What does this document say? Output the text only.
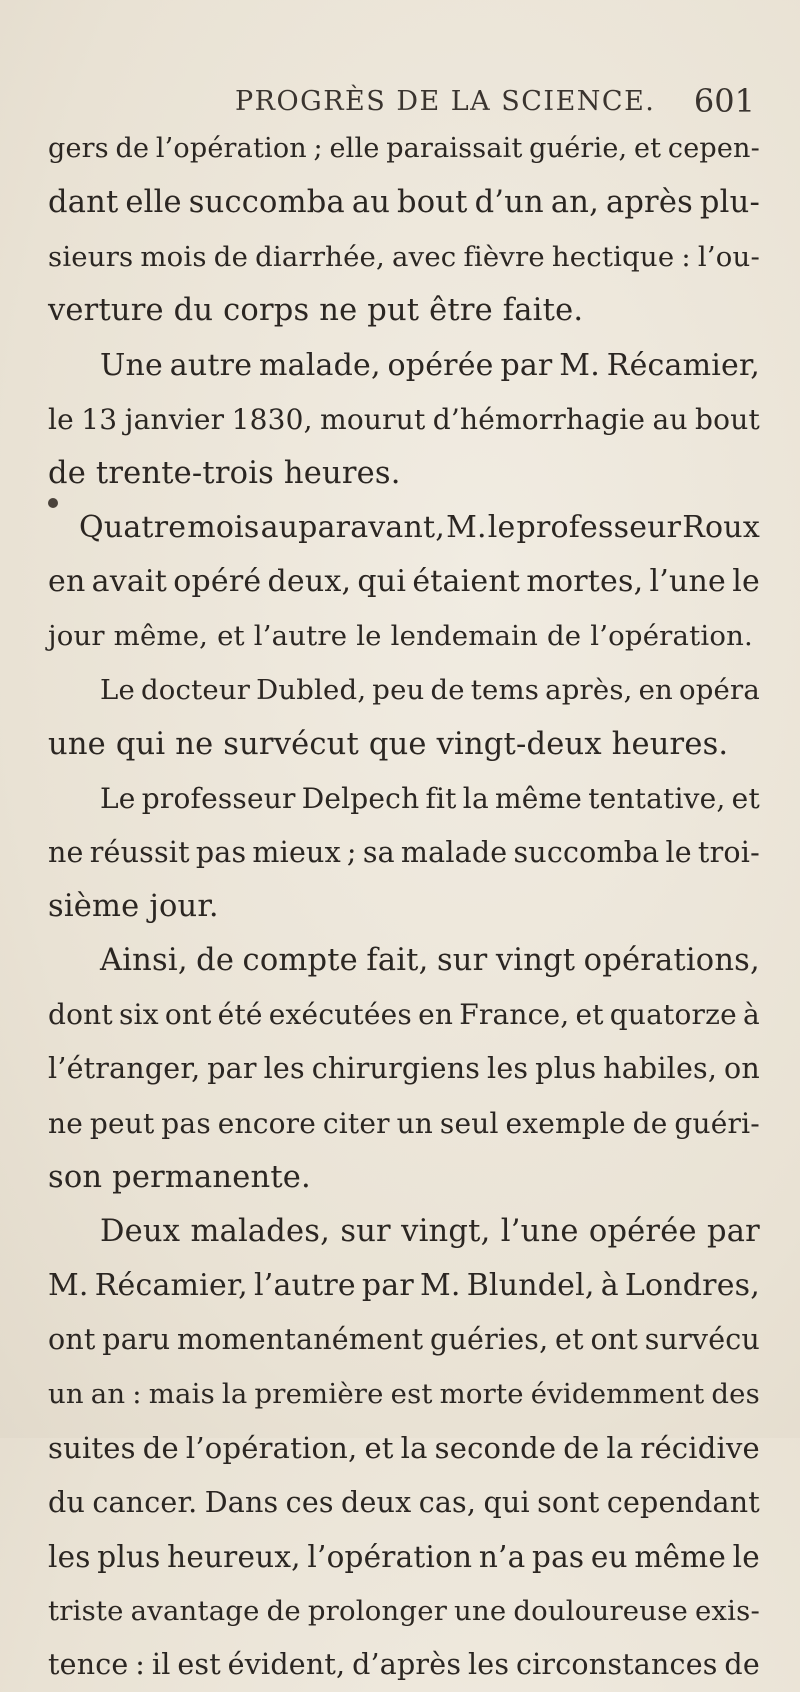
PROGRÈS DE LA SCIENCE. 601
gers de l’opération ; elle paraissait guérie, et cepen-
dant elle succomba au bout d’un an, après plu-
sieurs mois de diarrhée, avec fièvre hectique : l’ou-
verture du corps ne put être faite.
Une autre malade, opérée par M. Récamier,
le 13 janvier 1830, mourut d’hémorrhagie au bout
de trente-trois heures.
Quatre mois auparavant, M. le professeur Roux
en avait opéré deux, qui étaient mortes, l’une le
jour même, et l’autre le lendemain de l’opération.
Le docteur Dubled, peu de tems après, en opéra
une qui ne survécut que vingt-deux heures.
Le professeur Delpech fit la même tentative, et
ne réussit pas mieux ; sa malade succomba le troi-
sième jour.
Ainsi, de compte fait, sur vingt opérations,
dont six ont été exécutées en France, et quatorze à
l’étranger, par les chirurgiens les plus habiles, on
ne peut pas encore citer un seul exemple de guéri-
son permanente.
Deux malades, sur vingt, l’une opérée par
M. Récamier, l’autre par M. Blundel, à Londres,
ont paru momentanément guéries, et ont survécu
un an : mais la première est morte évidemment des
suites de l’opération, et la seconde de la récidive
du cancer. Dans ces deux cas, qui sont cependant
les plus heureux, l’opération n’a pas eu même le
triste avantage de prolonger une douloureuse exis-
tence : il est évident, d’après les circonstances de
